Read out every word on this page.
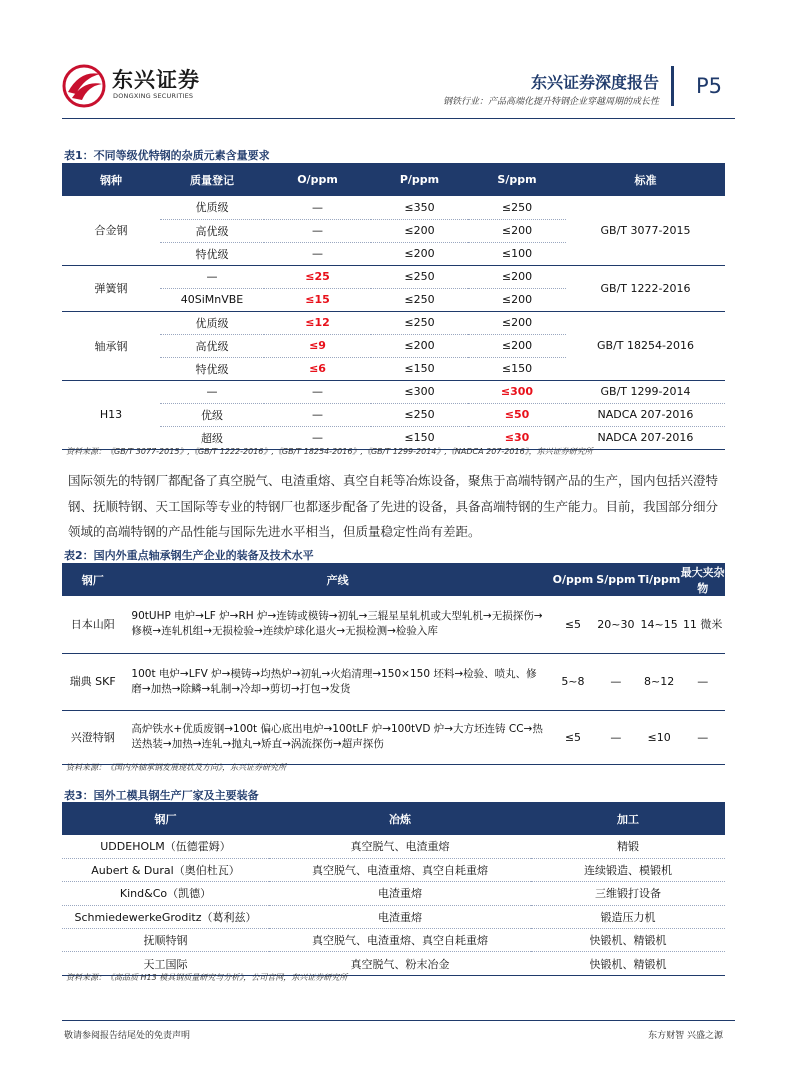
东兴证券
DONGXING SECURITIES
东兴证券深度报告
钢铁行业：产品高端化提升特钢企业穿越周期的成长性
P5
表1：不同等级优特钢的杂质元素含量要求
钢种	质量登记	O/ppm	P/ppm	S/ppm	标准
合金钢	优质级	—	≤350	≤250	GB/T 3077-2015
	高优级	—	≤200	≤200	
	特优级	—	≤200	≤100	
弹簧钢	—	≤25	≤250	≤200	GB/T 1222-2016
	40SiMnVBE	≤15	≤250	≤200	
轴承钢	优质级	≤12	≤250	≤200	GB/T 18254-2016
	高优级	≤9	≤200	≤200	
	特优级	≤6	≤150	≤150	
H13	—	—	≤300	≤300	GB/T 1299-2014
	优级	—	≤250	≤50	NADCA 207-2016
	超级	—	≤150	≤30	NADCA 207-2016
资料来源：《GB/T 3077-2015》,《GB/T 1222-2016》,《GB/T 18254-2016》,《GB/T 1299-2014》,《NADCA 207-2016》，东兴证券研究所
国际领先的特钢厂都配备了真空脱气、电渣重熔、真空自耗等冶炼设备，聚焦于高端特钢产品的生产，国内包括兴澄特钢、抚顺特钢、天工国际等专业的特钢厂也都逐步配备了先进的设备，具备高端特钢的生产能力。目前，我国部分细分领域的高端特钢的产品性能与国际先进水平相当，但质量稳定性尚有差距。
表2：国内外重点轴承钢生产企业的装备及技术水平
钢厂	产线	O/ppm	S/ppm	Ti/ppm	最大夹杂物
日本山阳	90tUHP 电炉→LF 炉→RH 炉→连铸或模铸→初轧→三辊星星轧机或大型轧机→无损探伤→修模→连轧机组→无损检验→连续炉球化退火→无损检测→检验入库	≤5	20~30	14~15	11 微米
瑞典 SKF	100t 电炉→LFV 炉→模铸→均热炉→初轧→火焰清理→150×150 坯料→检验、喷丸、修磨→加热→除鳞→轧制→冷却→剪切→打包→发货	5~8	—	8~12	—
兴澄特钢	高炉铁水+优质废钢→100t 偏心底出电炉→100tLF 炉→100tVD 炉→大方坯连铸 CC→热送热装→加热→连轧→抛丸→矫直→涡流探伤→超声探伤	≤5	—	≤10	—
资料来源：《国内外轴承钢发展现状及方向》，东兴证券研究所
表3：国外工模具钢生产厂家及主要装备
钢厂	冶炼	加工
UDDEHOLM（伍德霍姆）	真空脱气、电渣重熔	精锻
Aubert & Dural（奥伯杜瓦）	真空脱气、电渣重熔、真空自耗重熔	连续锻造、模锻机
Kind&Co（凯德）	电渣重熔	三维锻打设备
SchmiedewerkeGroditz（葛利兹）	电渣重熔	锻造压力机
抚顺特钢	真空脱气、电渣重熔、真空自耗重熔	快锻机、精锻机
天工国际	真空脱气、粉末冶金	快锻机、精锻机
资料来源：《高品质 H13 模具钢质量研究与分析》，公司官网，东兴证券研究所
敬请参阅报告结尾处的免责声明	东方财智 兴盛之源
